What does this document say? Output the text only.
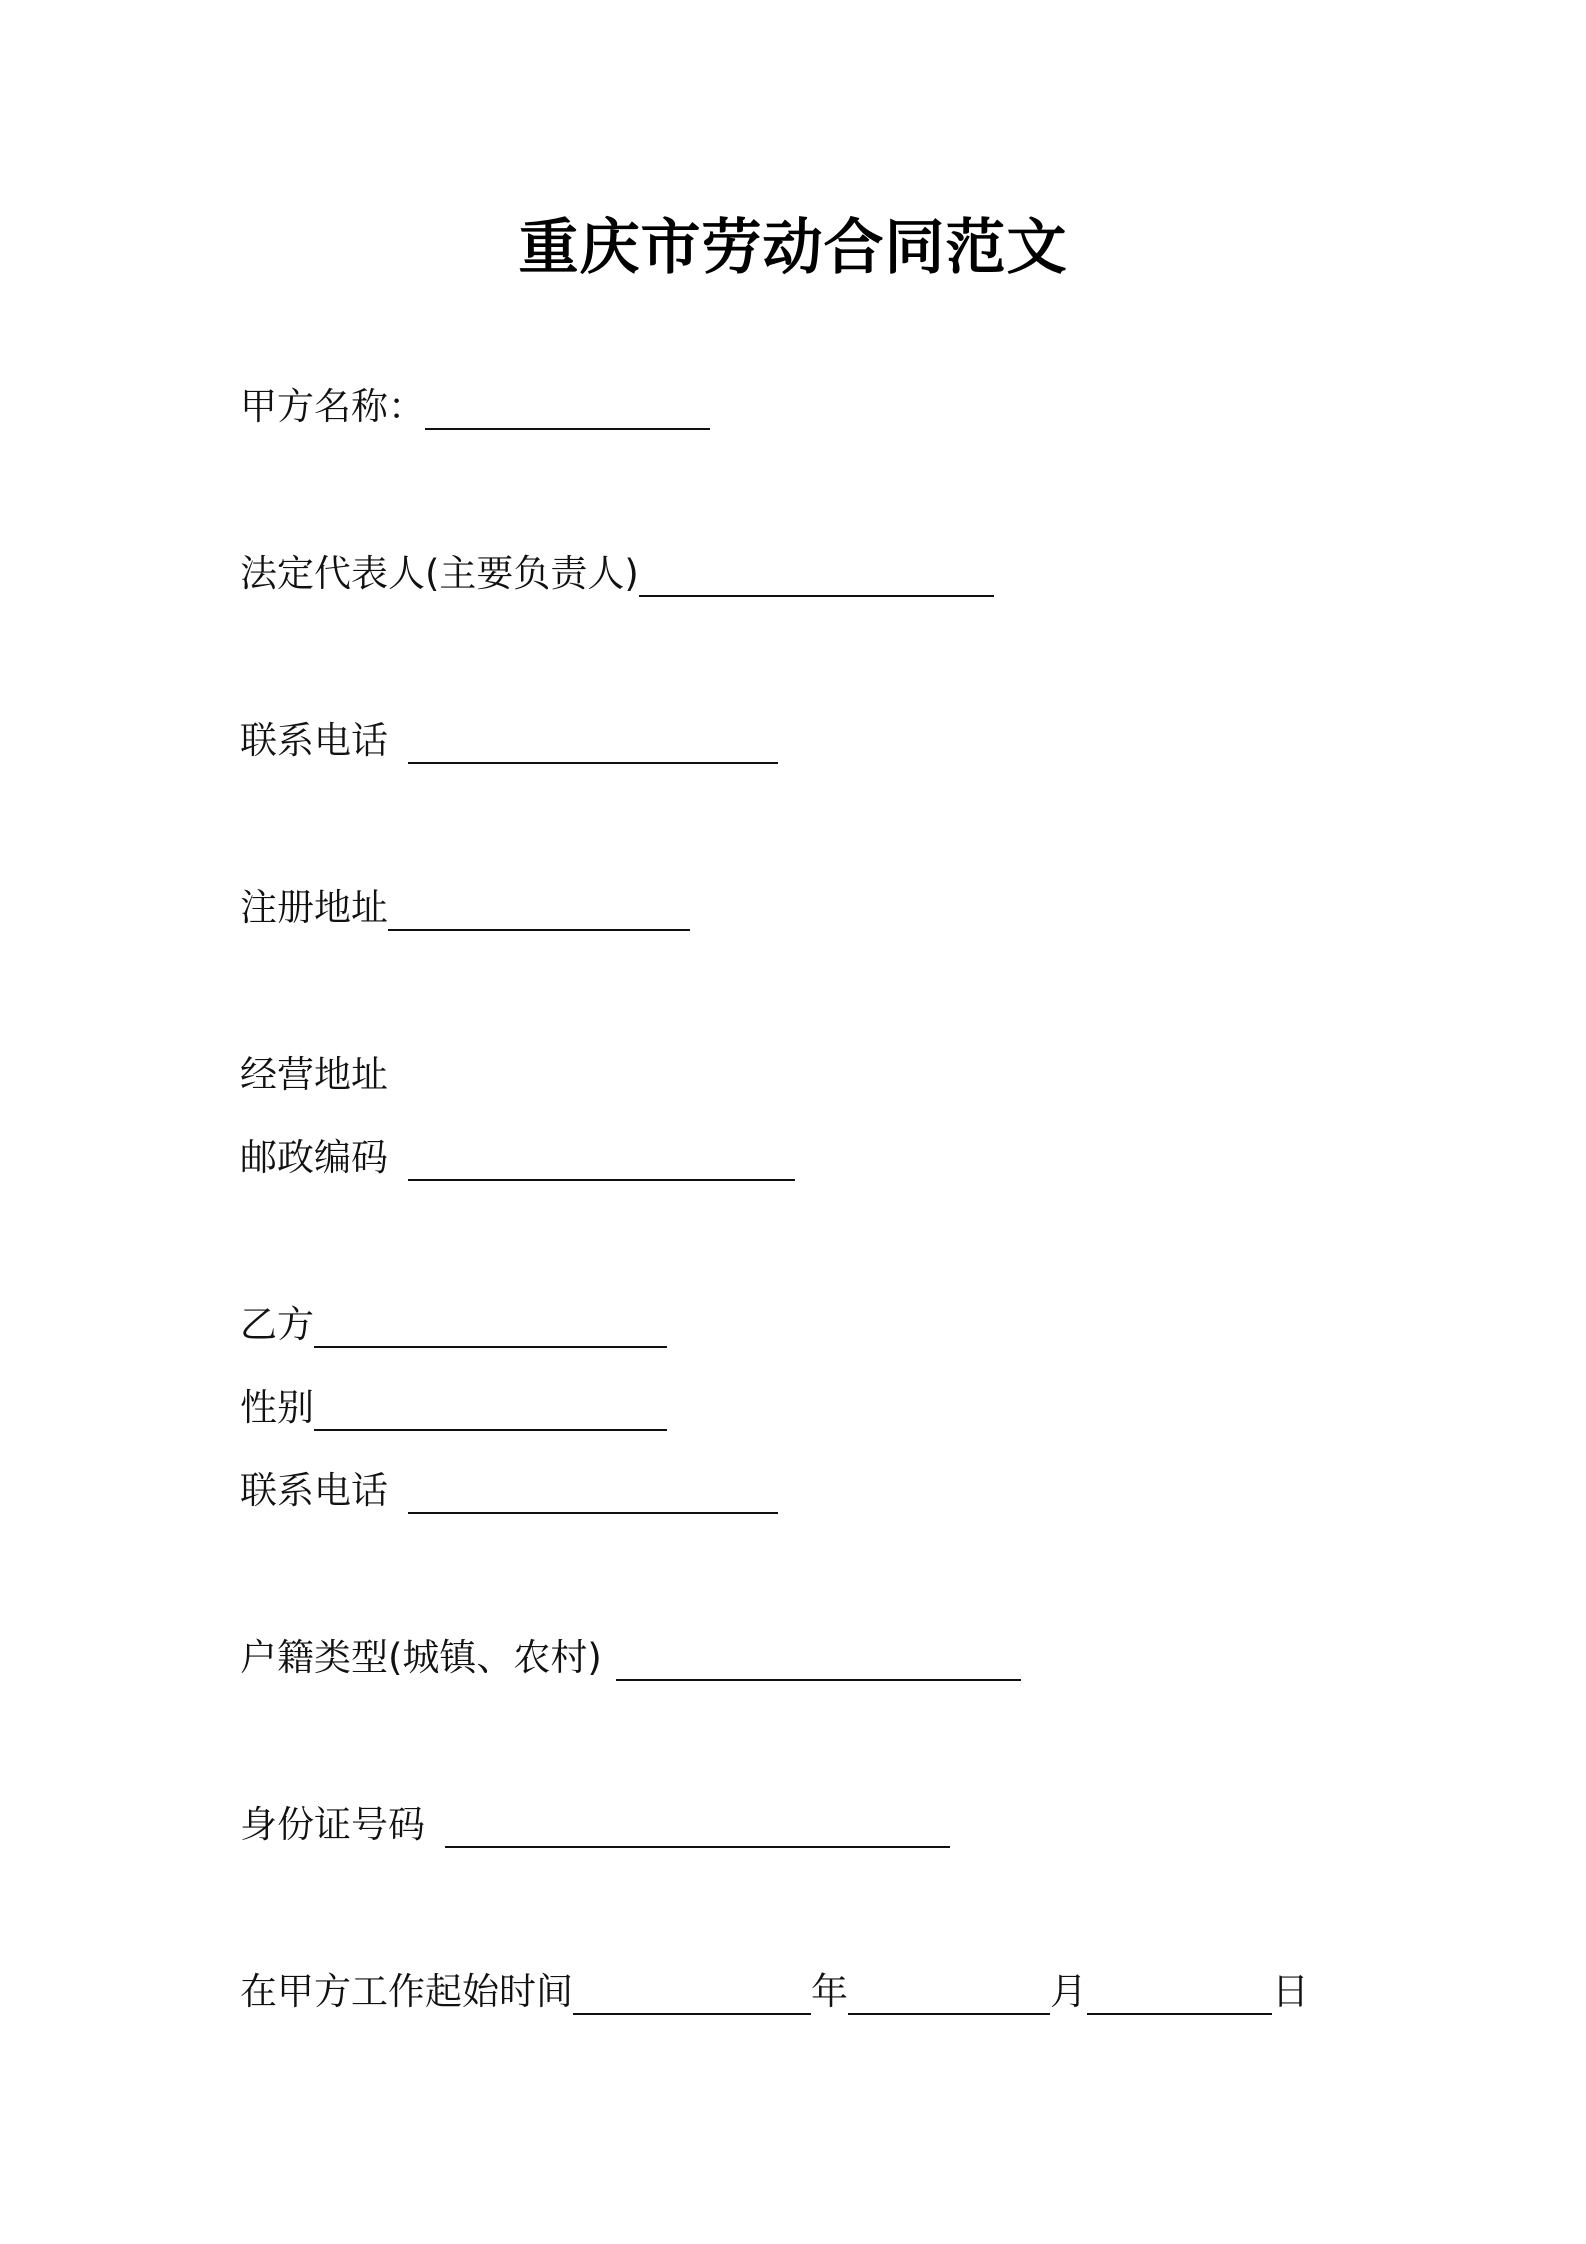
重庆市劳动合同范文
甲方名称：
法定代表人(主要负责人)
联系电话
注册地址
经营地址
邮政编码
乙方
性别
联系电话
户籍类型(城镇、农村)
身份证号码
在甲方工作起始时间	年	月	日
